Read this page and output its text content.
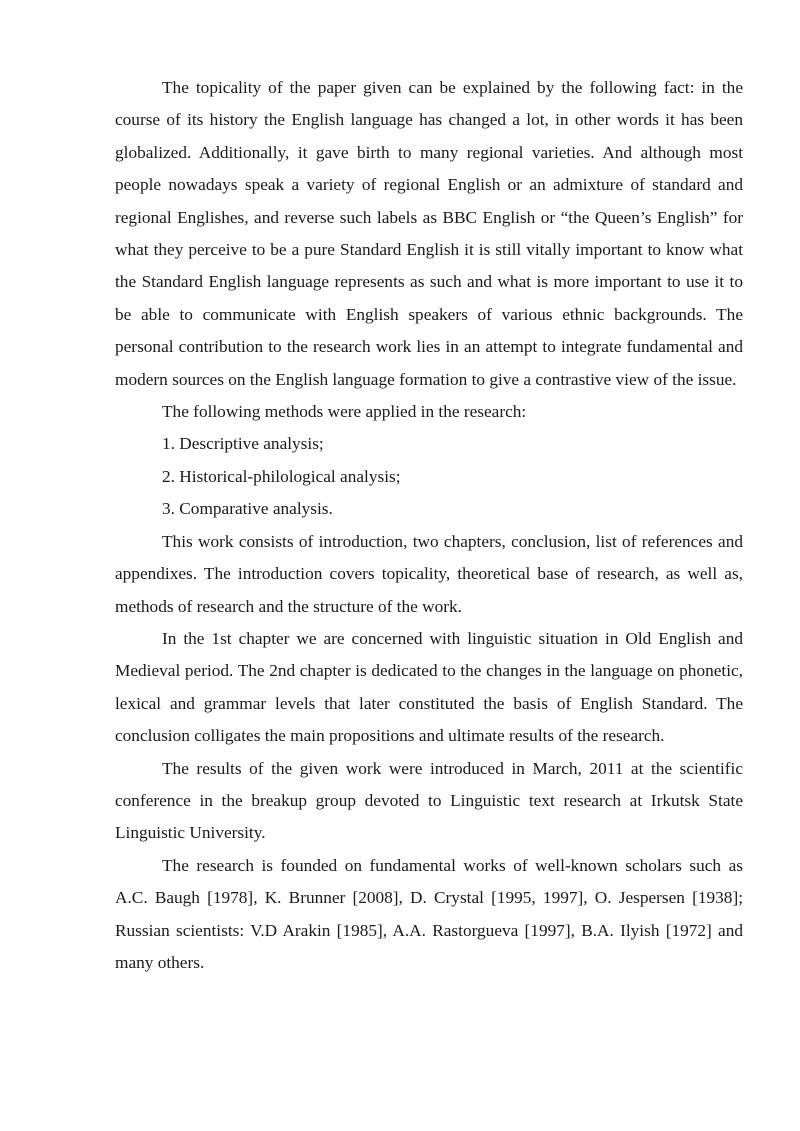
The topicality of the paper given can be explained by the following fact: in the course of its history the English language has changed a lot, in other words it has been globalized. Additionally, it gave birth to many regional varieties. And although most people nowadays speak a variety of regional English or an admixture of standard and regional Englishes, and reverse such labels as BBC English or “the Queen’s English” for what they perceive to be a pure Standard English it is still vitally important to know what the Standard English language represents as such and what is more important to use it to be able to communicate with English speakers of various ethnic backgrounds. The personal contribution to the research work lies in an attempt to integrate fundamental and modern sources on the English language formation to give a contrastive view of the issue.

The following methods were applied in the research:

1. Descriptive analysis;

2. Historical-philological analysis;

3. Comparative analysis.

This work consists of introduction, two chapters, conclusion, list of references and appendixes. The introduction covers topicality, theoretical base of research, as well as, methods of research and the structure of the work.

In the 1st chapter we are concerned with linguistic situation in Old English and Medieval period. The 2nd chapter is dedicated to the changes in the language on phonetic, lexical and grammar levels that later constituted the basis of English Standard. The conclusion colligates the main propositions and ultimate results of the research.

The results of the given work were introduced in March, 2011 at the scientific conference in the breakup group devoted to Linguistic text research at Irkutsk State Linguistic University.

The research is founded on fundamental works of well-known scholars such as A.C. Baugh [1978], K. Brunner [2008], D. Crystal [1995, 1997], O. Jespersen [1938]; Russian scientists: V.D Arakin [1985], A.A. Rastorgueva [1997], B.A. Ilyish [1972] and many others.
